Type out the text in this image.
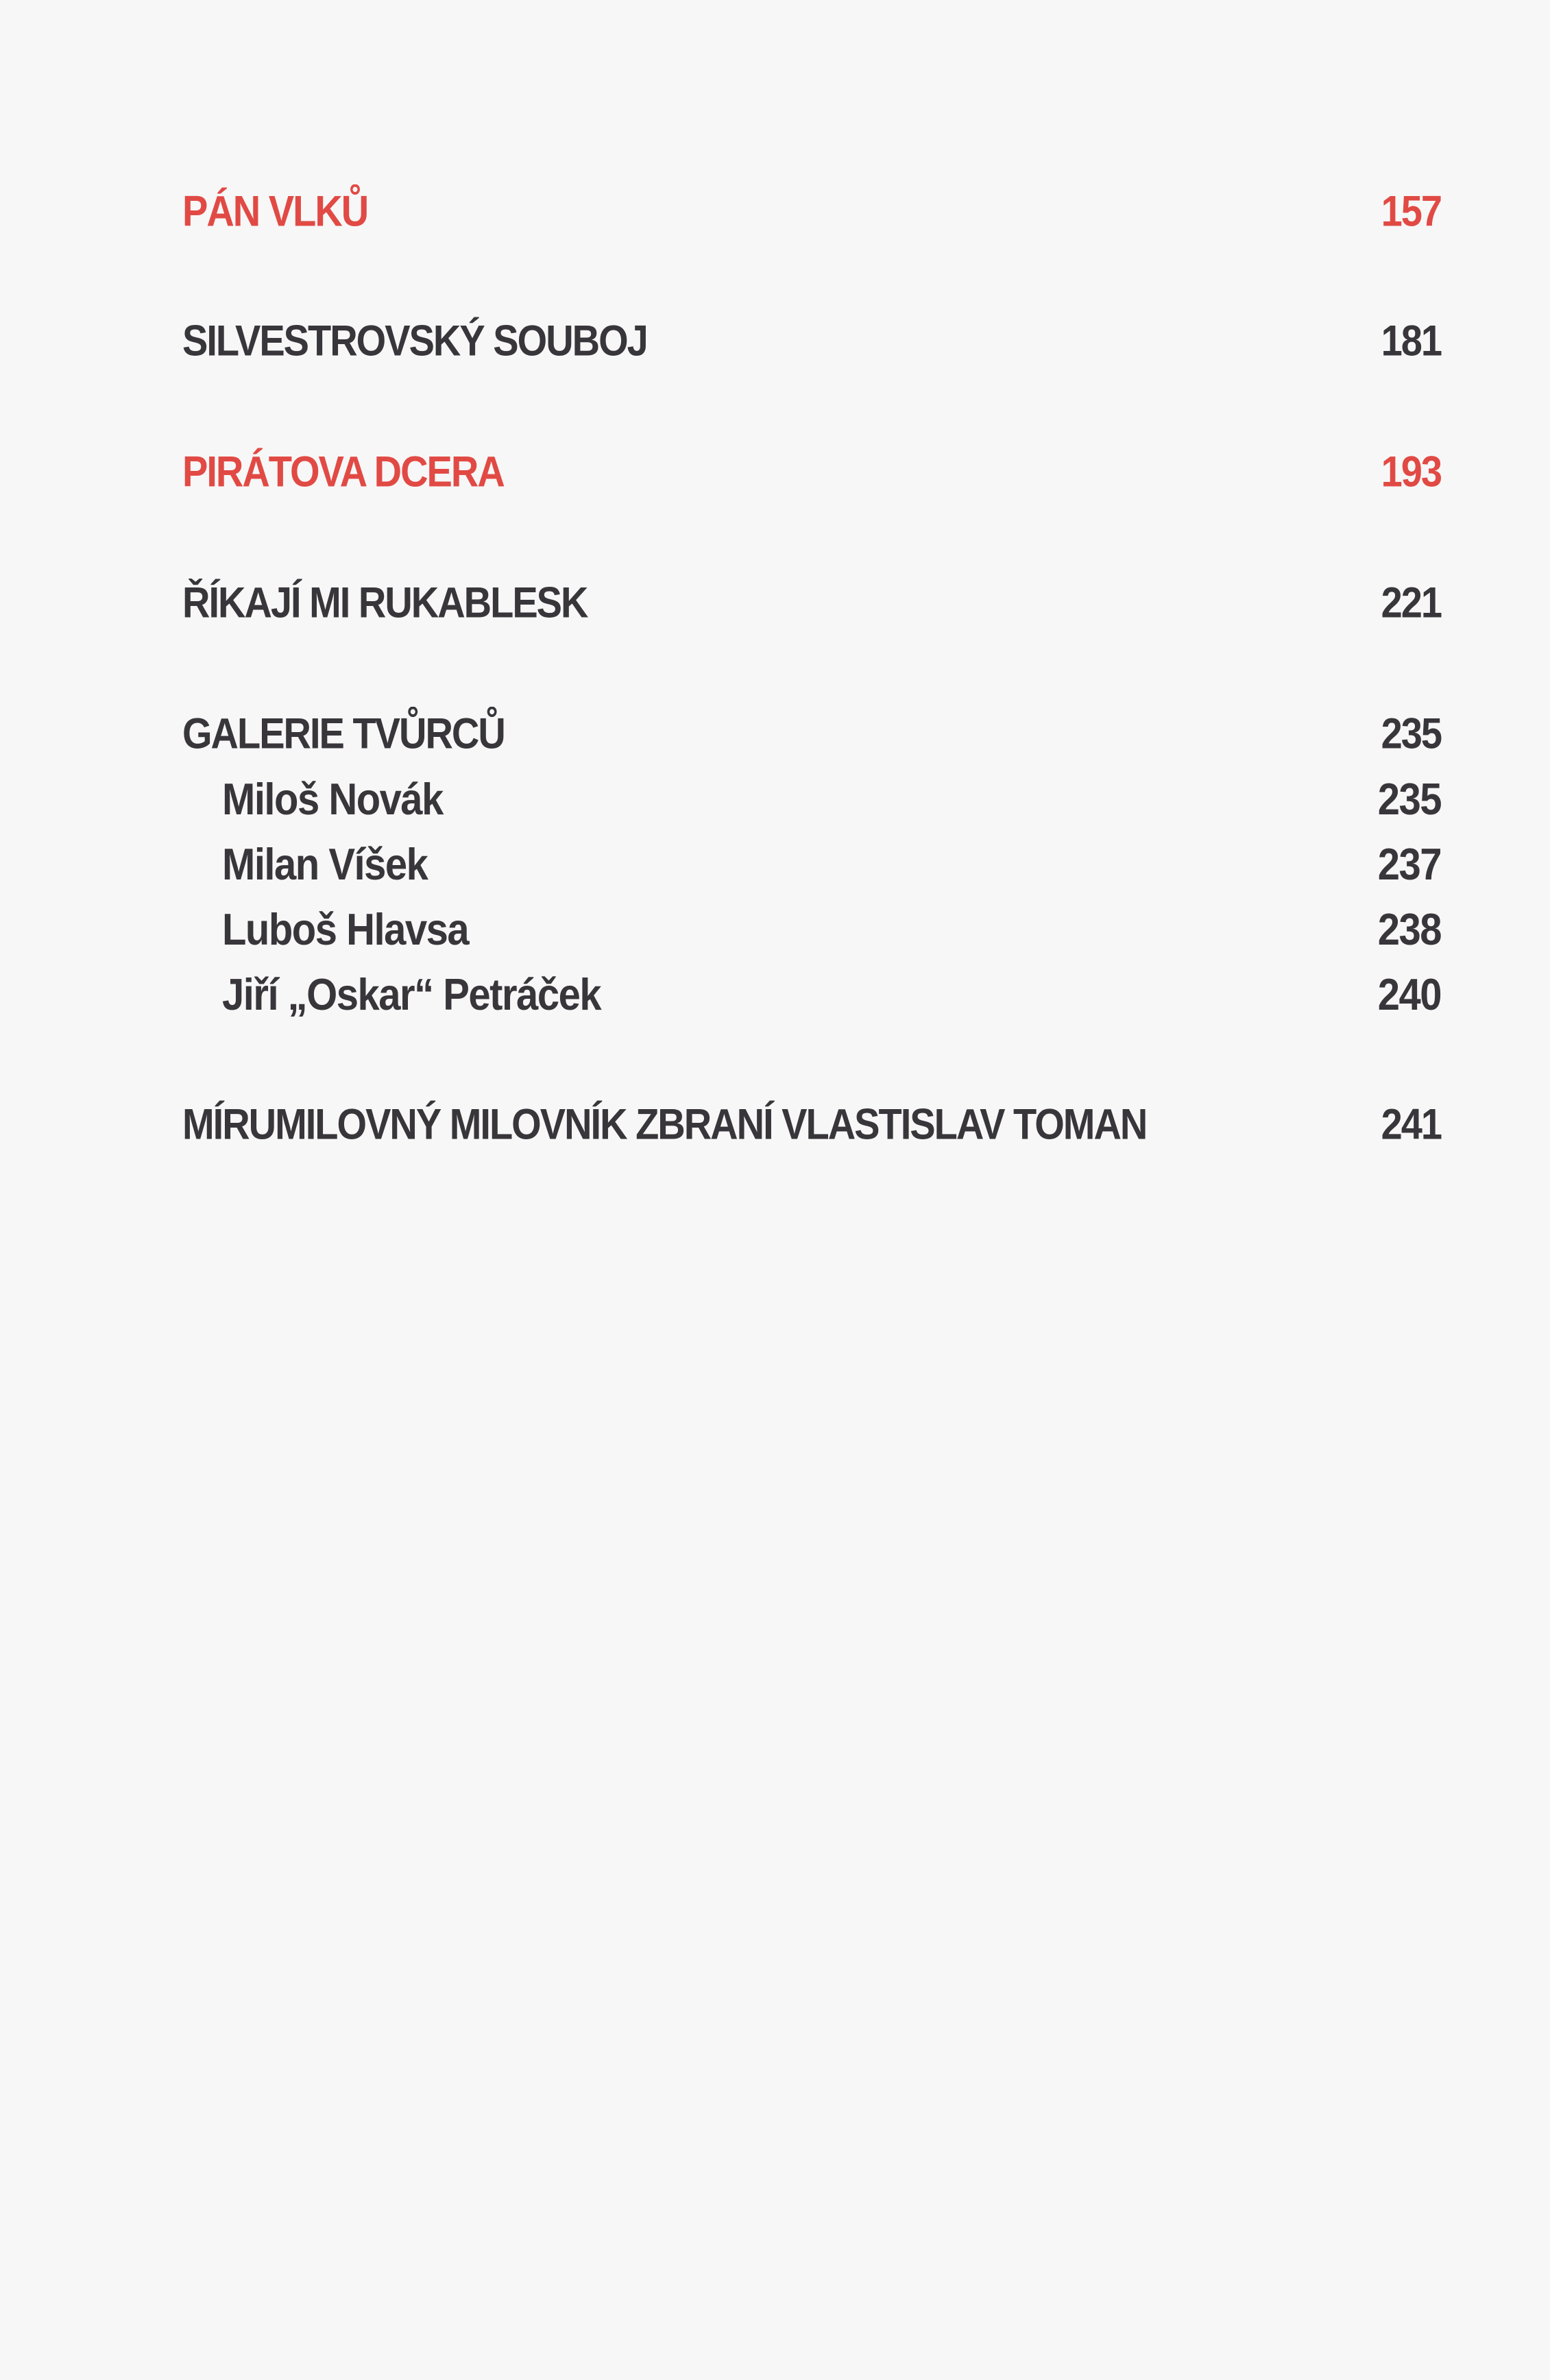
PÁN VLKŮ	157
SILVESTROVSKÝ SOUBOJ	181
PIRÁTOVA DCERA	193
ŘÍKAJÍ MI RUKABLESK	221
GALERIE TVŮRCŮ	235
Miloš Novák	235
Milan Víšek	237
Luboš Hlavsa	238
Jiří „Oskar“ Petráček	240
MÍRUMILOVNÝ MILOVNÍK ZBRANÍ VLASTISLAV TOMAN	241
